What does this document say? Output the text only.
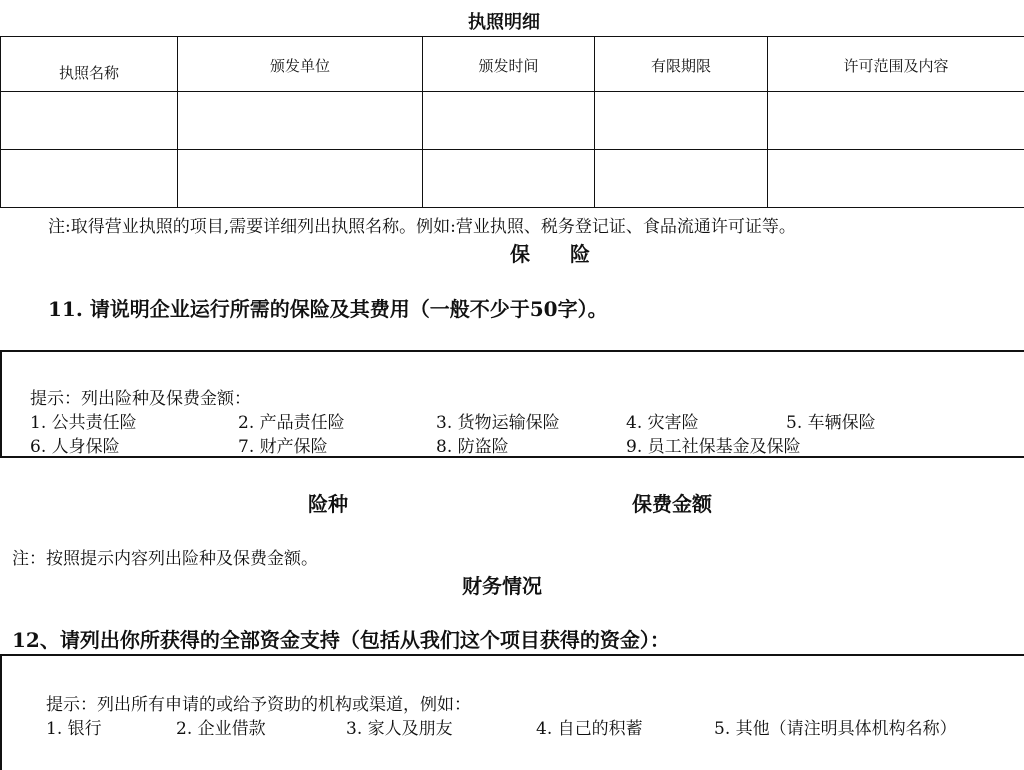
执照明细
执照名称	颁发单位	颁发时间	有限期限	许可范围及内容

注:取得营业执照的项目,需要详细列出执照名称。例如:营业执照、税务登记证、食品流通许可证等。
保　　险
11. 请说明企业运行所需的保险及其费用（一般不少于50字）。
提示：列出险种及保费金额：
1. 公共责任险	2. 产品责任险	3. 货物运输保险	4. 灾害险	5. 车辆保险
6. 人身保险	7. 财产保险	8. 防盗险	9. 员工社保基金及保险
险种	保费金额
注：按照提示内容列出险种及保费金额。
财务情况
12、请列出你所获得的全部资金支持（包括从我们这个项目获得的资金）：
提示：列出所有申请的或给予资助的机构或渠道，例如：
1. 银行	2. 企业借款	3. 家人及朋友	4. 自己的积蓄	5. 其他（请注明具体机构名称）
